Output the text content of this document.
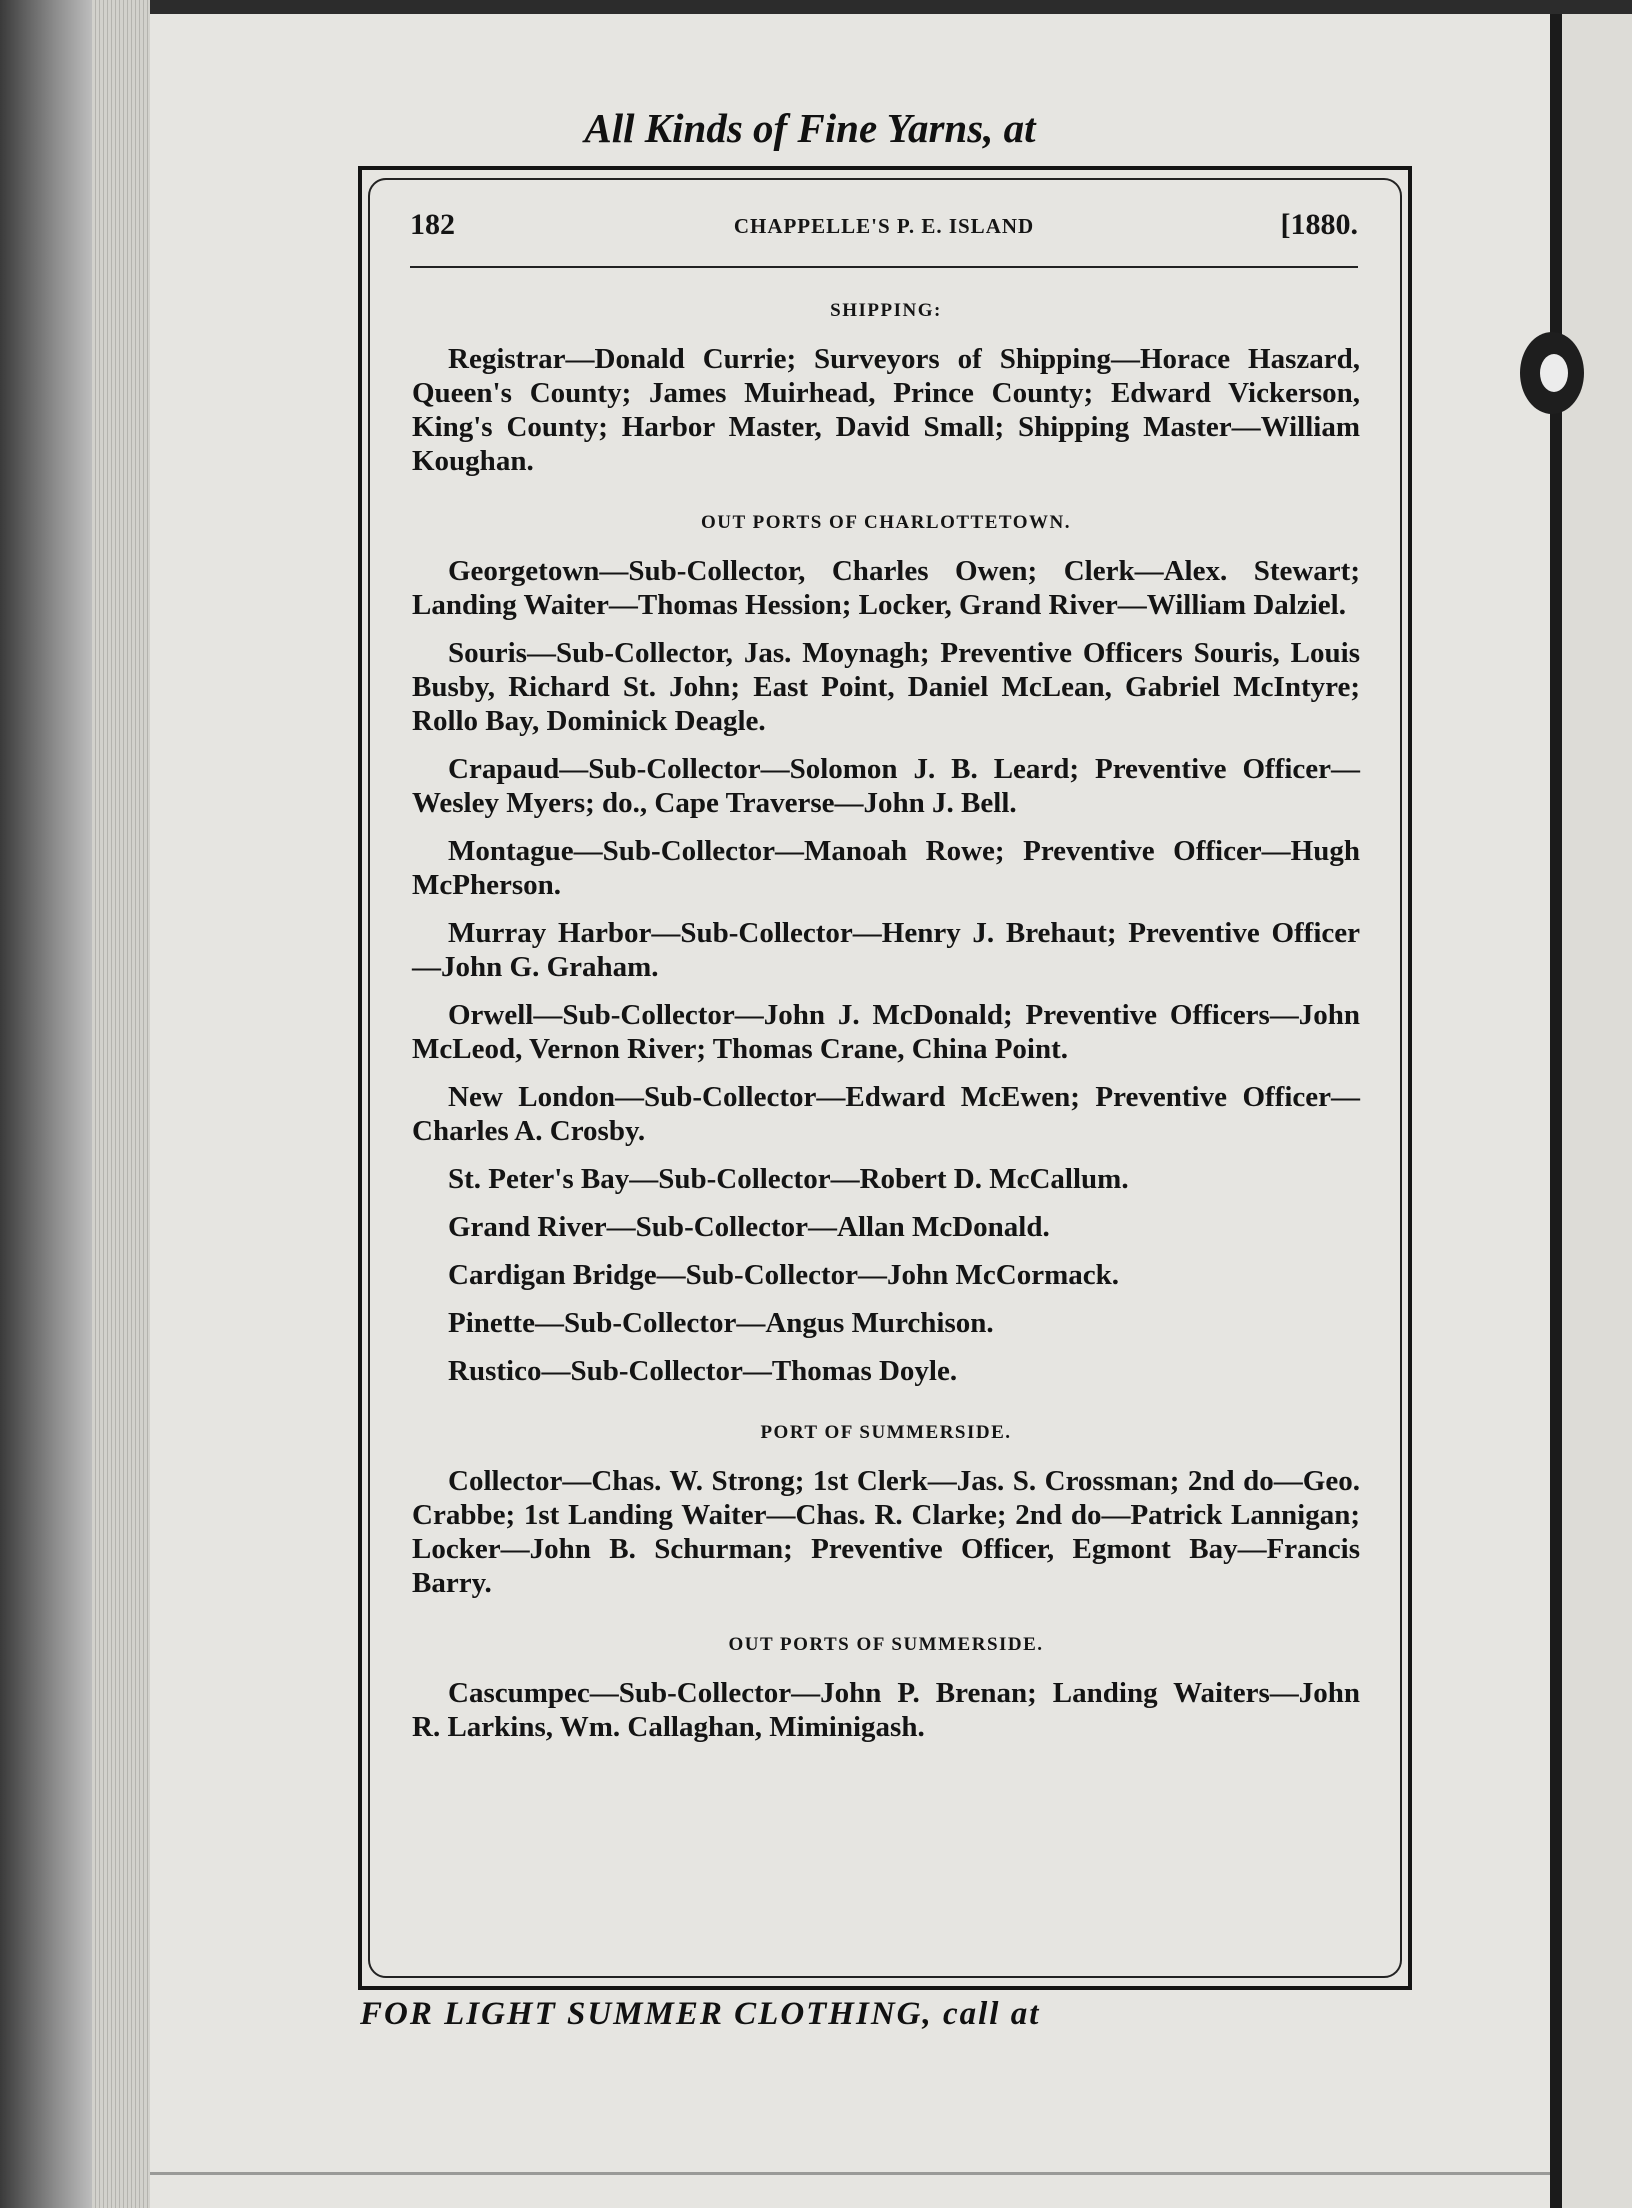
All Kinds of Fine Yarns, at
182	CHAPPELLE'S P. E. ISLAND	[1880.
SHIPPING:

Registrar—Donald Currie; Surveyors of Shipping—Horace Haszard, Queen's County; James Muirhead, Prince County; Edward Vickerson, King's County; Harbor Master, David Small; Shipping Master—William Koughan.

OUT PORTS OF CHARLOTTETOWN.

Georgetown—Sub-Collector, Charles Owen; Clerk—Alex. Stewart; Landing Waiter—Thomas Hession; Locker, Grand River—William Dalziel.

Souris—Sub-Collector, Jas. Moynagh; Preventive Officers Souris, Louis Busby, Richard St. John; East Point, Daniel McLean, Gabriel McIntyre; Rollo Bay, Dominick Deagle.

Crapaud—Sub-Collector—Solomon J. B. Leard; Preventive Officer—Wesley Myers; do., Cape Traverse—John J. Bell.

Montague—Sub-Collector—Manoah Rowe; Preventive Officer—Hugh McPherson.

Murray Harbor—Sub-Collector—Henry J. Brehaut; Preventive Officer—John G. Graham.

Orwell—Sub-Collector—John J. McDonald; Preventive Officers—John McLeod, Vernon River; Thomas Crane, China Point.

New London—Sub-Collector—Edward McEwen; Preventive Officer—Charles A. Crosby.

St. Peter's Bay—Sub-Collector—Robert D. McCallum.

Grand River—Sub-Collector—Allan McDonald.

Cardigan Bridge—Sub-Collector—John McCormack.

Pinette—Sub-Collector—Angus Murchison.

Rustico—Sub-Collector—Thomas Doyle.

PORT OF SUMMERSIDE.

Collector—Chas. W. Strong; 1st Clerk—Jas. S. Crossman; 2nd do—Geo. Crabbe; 1st Landing Waiter—Chas. R. Clarke; 2nd do—Patrick Lannigan; Locker—John B. Schurman; Preventive Officer, Egmont Bay—Francis Barry.

OUT PORTS OF SUMMERSIDE.

Cascumpec—Sub-Collector—John P. Brenan; Landing Waiters—John R. Larkins, Wm. Callaghan, Miminigash.

FOR LIGHT SUMMER CLOTHING, call at
